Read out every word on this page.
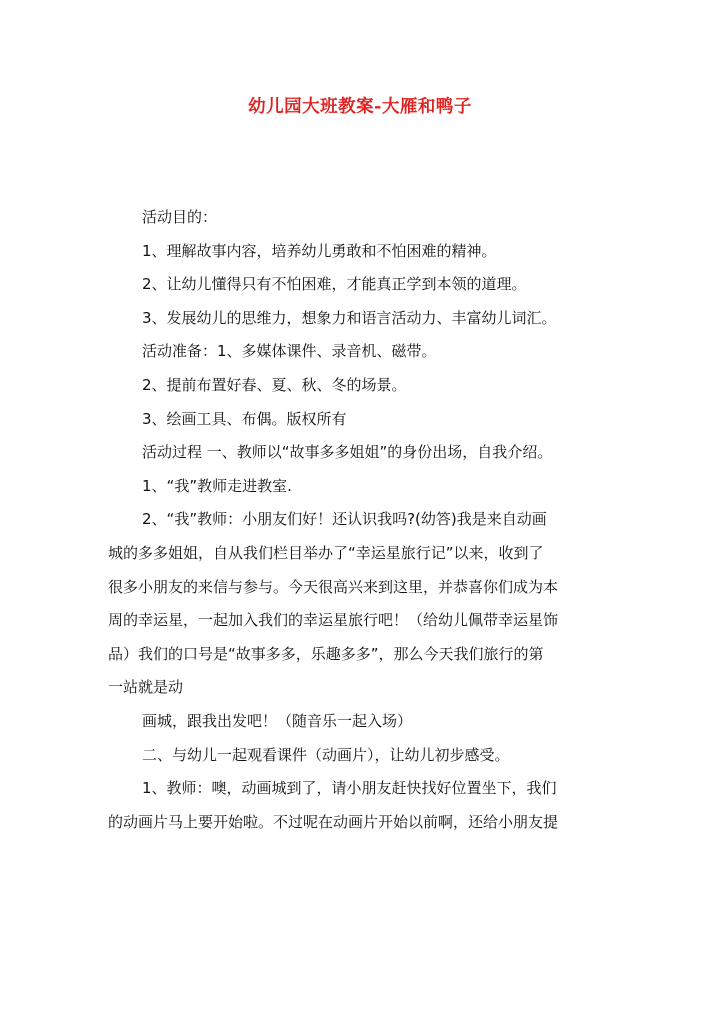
幼儿园大班教案-大雁和鸭子

活动目的：

1、理解故事内容，培养幼儿勇敢和不怕困难的精神。

2、让幼儿懂得只有不怕困难，才能真正学到本领的道理。

3、发展幼儿的思维力，想象力和语言活动力、丰富幼儿词汇。

活动准备：1、多媒体课件、录音机、磁带。

2、提前布置好春、夏、秋、冬的场景。

3、绘画工具、布偶。版权所有

活动过程 一、教师以“故事多多姐姐”的身份出场，自我介绍。

1、“我”教师走进教室.

2、“我”教师：小朋友们好！还认识我吗?(幼答)我是来自动画

城的多多姐姐，自从我们栏目举办了“幸运星旅行记”以来，收到了

很多小朋友的来信与参与。今天很高兴来到这里，并恭喜你们成为本

周的幸运星，一起加入我们的幸运星旅行吧！（给幼儿佩带幸运星饰

品）我们的口号是“故事多多，乐趣多多”，那么今天我们旅行的第

一站就是动

画城，跟我出发吧！（随音乐一起入场）

二、与幼儿一起观看课件（动画片），让幼儿初步感受。

1、教师：噢，动画城到了，请小朋友赶快找好位置坐下，我们

的动画片马上要开始啦。不过呢在动画片开始以前啊，还给小朋友提
